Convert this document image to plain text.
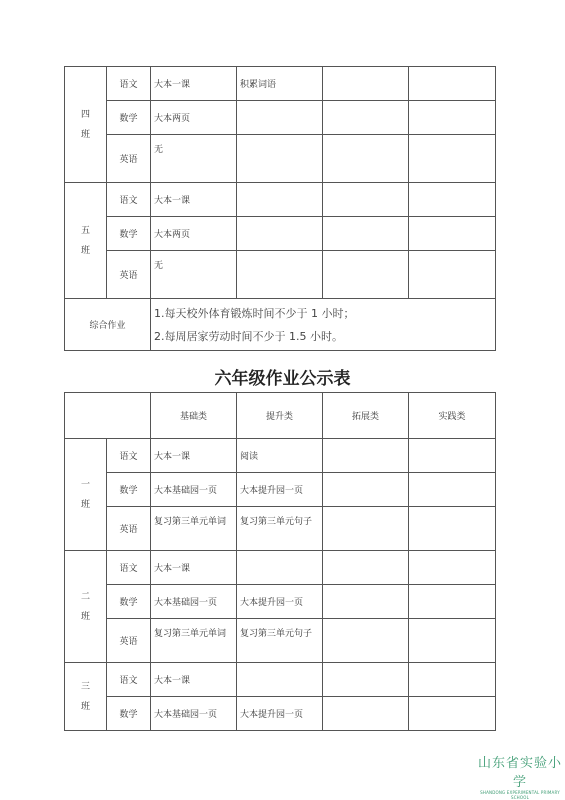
四
班	语文	大本一课	积累词语		
	数学	大本两页			
	英语	无			
五
班	语文	大本一课			
	数学	大本两页			
	英语	无			
综合作业		1.每天校外体育锻炼时间不少于 1 小时；
2.每周居家劳动时间不少于 1.5 小时。			
六年级作业公示表
		基础类	提升类	拓展类	实践类
一
班	语文	大本一课	阅读		
	数学	大本基础园一页	大本提升园一页		
	英语	复习第三单元单词	复习第三单元句子		
二
班	语文	大本一课			
	数学	大本基础园一页	大本提升园一页		
	英语	复习第三单元单词	复习第三单元句子		
三
班	语文	大本一课			
	数学	大本基础园一页	大本提升园一页		
山东省实验小学
SHANDONG EXPERIMENTAL PRIMARY SCHOOL
